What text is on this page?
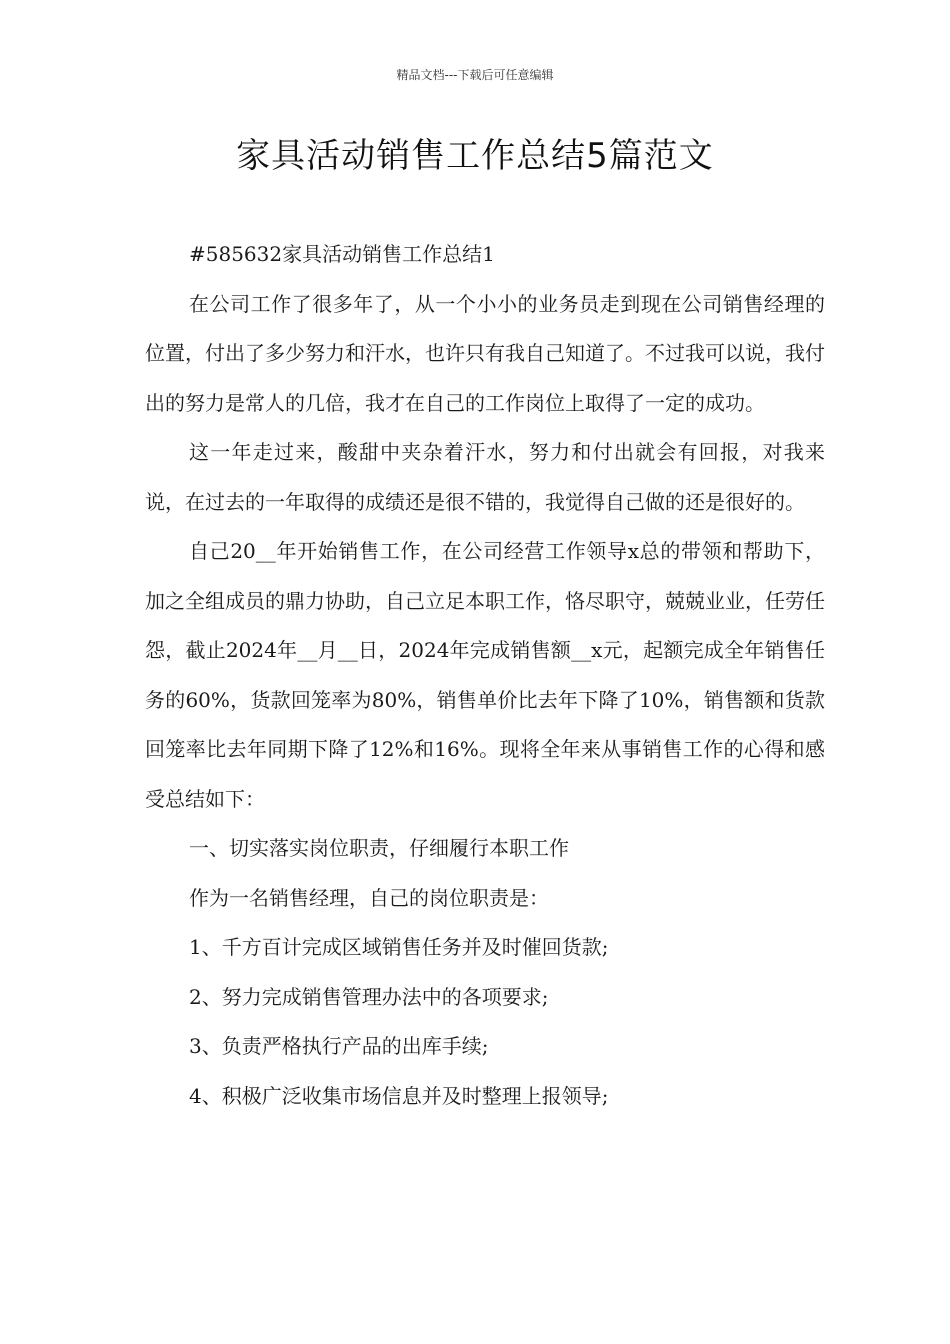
精品文档---下载后可任意编辑
家具活动销售工作总结5篇范文

#585632家具活动销售工作总结1

在公司工作了很多年了，从一个小小的业务员走到现在公司销售经理的位置，付出了多少努力和汗水，也许只有我自己知道了。不过我可以说，我付出的努力是常人的几倍，我才在自己的工作岗位上取得了一定的成功。

这一年走过来，酸甜中夹杂着汗水，努力和付出就会有回报，对我来说，在过去的一年取得的成绩还是很不错的，我觉得自己做的还是很好的。

自己20__年开始销售工作，在公司经营工作领导x总的带领和帮助下，加之全组成员的鼎力协助，自己立足本职工作，恪尽职守，兢兢业业，任劳任怨，截止2024年__月__日，2024年完成销售额__x元，起额完成全年销售任务的60%，货款回笼率为80%，销售单价比去年下降了10%，销售额和货款回笼率比去年同期下降了12%和16%。现将全年来从事销售工作的心得和感受总结如下：

一、切实落实岗位职责，仔细履行本职工作

作为一名销售经理，自己的岗位职责是：

1、千方百计完成区域销售任务并及时催回货款;

2、努力完成销售管理办法中的各项要求;

3、负责严格执行产品的出库手续;

4、积极广泛收集市场信息并及时整理上报领导;
